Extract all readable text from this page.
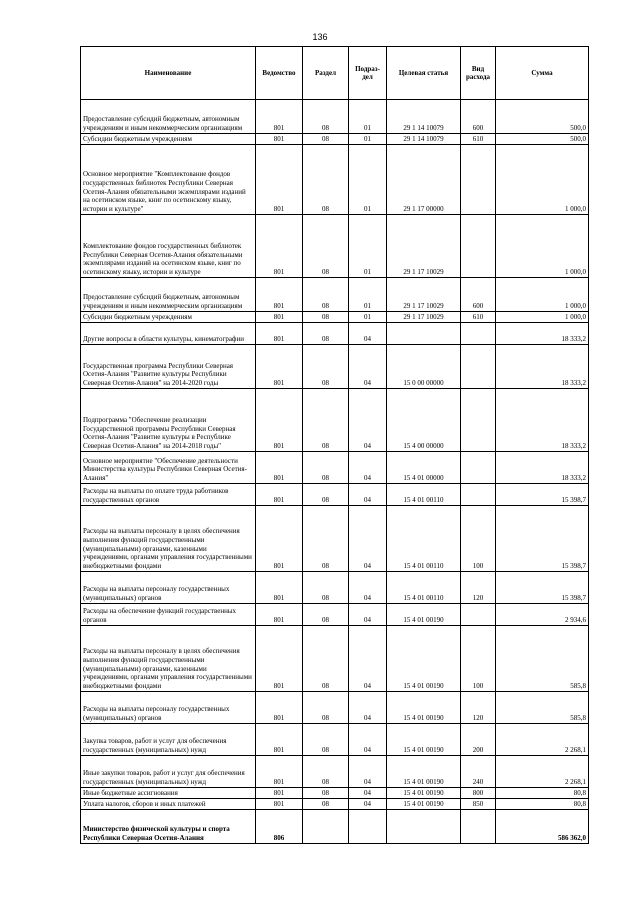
136
Наименование	Ведомство	Раздел	Подраз-дел	Целевая статья	Вид расхода	Сумма
Предоставление субсидий бюджетным, автономным учреждениям и иным некоммерческим организациям	801	08	01	29 1 14 10079	600	500,0
Субсидии бюджетным учреждениям	801	08	01	29 1 14 10079	610	500,0
Основное мероприятие "Комплектование фондов государственных библиотек Республики Северная Осетия-Алания обязательными экземплярами изданий на осетинском языке, книг по осетинскому языку, истории и культуре"	801	08	01	29 1 17 00000		1 000,0
Комплектование фондов государственных библиотек Республики Северная Осетия-Алания обязательными экземплярами изданий на осетинском языке, книг по осетинскому языку, истории и культуре	801	08	01	29 1 17 10029		1 000,0
Предоставление субсидий бюджетным, автономным учреждениям и иным некоммерческим организациям	801	08	01	29 1 17 10029	600	1 000,0
Субсидии бюджетным учреждениям	801	08	01	29 1 17 10029	610	1 000,0
Другие вопросы в области культуры, кинематографии	801	08	04			18 333,2
Государственная программа Республики Северная Осетия-Алания "Развитие культуры Республики Северная Осетия-Алания" на 2014-2020 годы	801	08	04	15 0 00 00000		18 333,2
Подпрограмма "Обеспечение реализации Государственной программы Республики Северная Осетия-Алания "Развитие культуры в Республике Северная Осетия-Алания" на 2014-2018 годы"	801	08	04	15 4 00 00000		18 333,2
Основное мероприятие "Обеспечение деятельности Министерства культуры Республики Северная Осетия-Алания"	801	08	04	15 4 01 00000		18 333,2
Расходы на выплаты по оплате труда работников государственных органов	801	08	04	15 4 01 00110		15 398,7
Расходы на выплаты персоналу в целях обеспечения выполнения функций государственными (муниципальными) органами, казенными учреждениями, органами управления государственными внебюджетными фондами	801	08	04	15 4 01 00110	100	15 398,7
Расходы на выплаты персоналу государственных (муниципальных) органов	801	08	04	15 4 01 00110	120	15 398,7
Расходы на обеспечение функций государственных органов	801	08	04	15 4 01 00190		2 934,6
Расходы на выплаты персоналу в целях обеспечения выполнения функций государственными (муниципальными) органами, казенными учреждениями, органами управления государственными внебюджетными фондами	801	08	04	15 4 01 00190	100	585,8
Расходы на выплаты персоналу государственных (муниципальных) органов	801	08	04	15 4 01 00190	120	585,8
Закупка товаров, работ и услуг для обеспечения государственных (муниципальных) нужд	801	08	04	15 4 01 00190	200	2 268,1
Иные закупки товаров, работ и услуг для обеспечения государственных (муниципальных) нужд	801	08	04	15 4 01 00190	240	2 268,1
Иные бюджетные ассигнования	801	08	04	15 4 01 00190	800	80,8
Уплата налогов, сборов и иных платежей	801	08	04	15 4 01 00190	850	80,8
Министерство физической культуры и спорта Республики Северная Осетия-Алания	806					586 362,0
